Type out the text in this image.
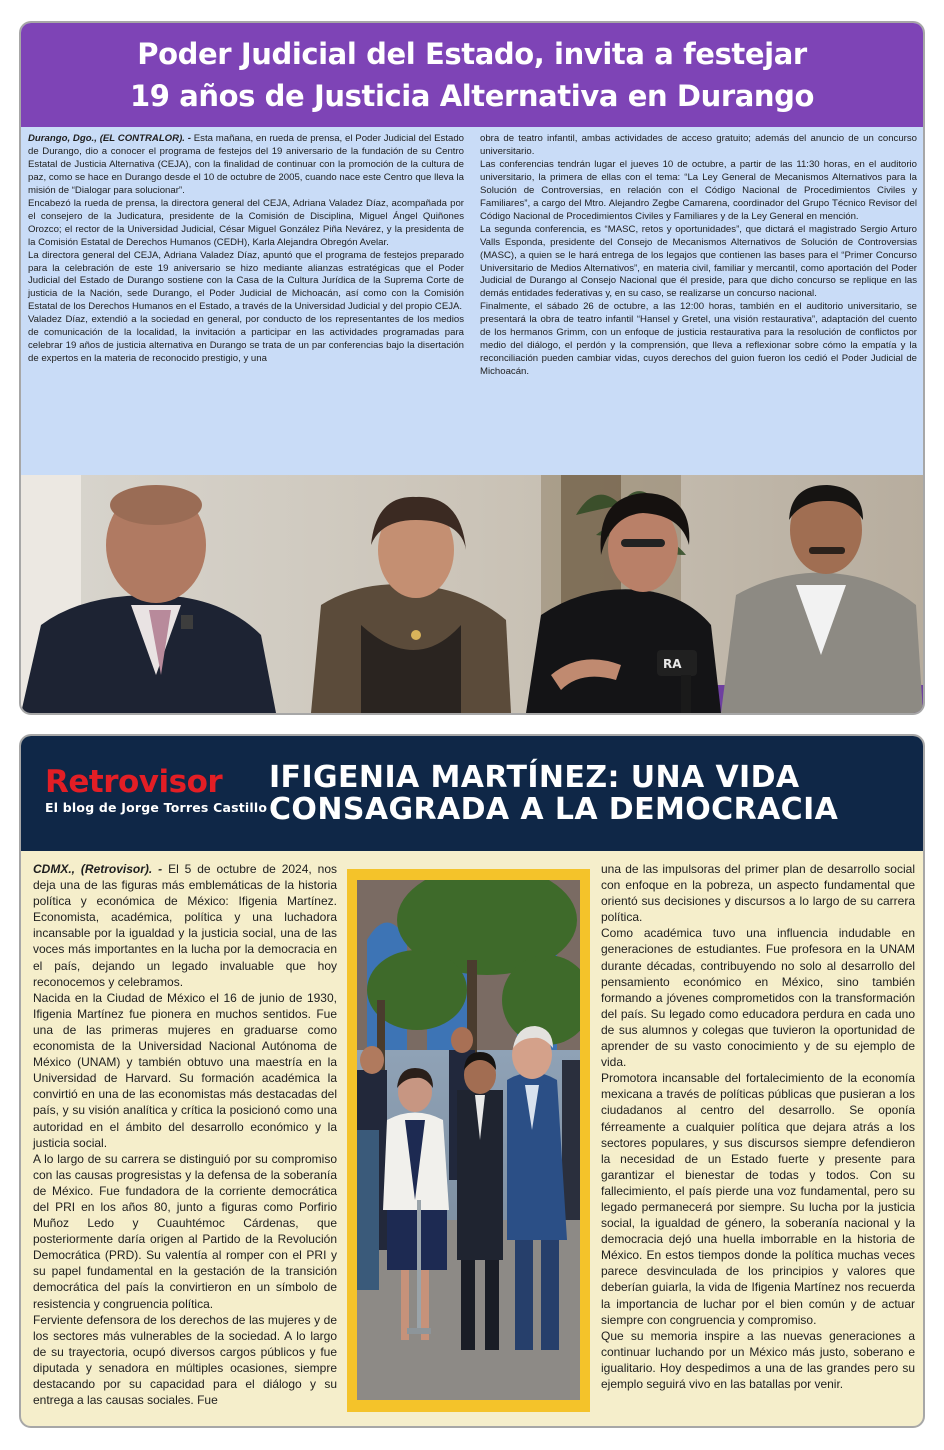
Poder Judicial del Estado, invita a festejar
19 años de Justicia Alternativa en Durango

Durango, Dgo., (EL CONTRALOR). - Esta mañana, en rueda de prensa, el Poder Judicial del Estado de Durango, dio a conocer el programa de festejos del 19 aniversario de la fundación de su Centro Estatal de Justicia Alternativa (CEJA), con la finalidad de continuar con la promoción de la cultura de paz, como se hace en Durango desde el 10 de octubre de 2005, cuando nace este Centro que lleva la misión de “Dialogar para solucionar”.

Encabezó la rueda de prensa, la directora general del CEJA, Adriana Valadez Díaz, acompañada por el consejero de la Judicatura, presidente de la Comisión de Disciplina, Miguel Ángel Quiñones Orozco; el rector de la Universidad Judicial, César Miguel González Piña Nevárez, y la presidenta de la Comisión Estatal de Derechos Humanos (CEDH), Karla Alejandra Obregón Avelar.

La directora general del CEJA, Adriana Valadez Díaz, apuntó que el programa de festejos preparado para la celebración de este 19 aniversario se hizo mediante alianzas estratégicas que el Poder Judicial del Estado de Durango sostiene con la Casa de la Cultura Jurídica de la Suprema Corte de justicia de la Nación, sede Durango, el Poder Judicial de Michoacán, así como con la Comisión Estatal de los Derechos Humanos en el Estado, a través de la Universidad Judicial y del propio CEJA.

Valadez Díaz, extendió a la sociedad en general, por conducto de los representantes de los medios de comunicación de la localidad, la invitación a participar en las actividades programadas para celebrar 19 años de justicia alternativa en Durango se trata de un par conferencias bajo la disertación de expertos en la materia de reconocido prestigio, y una

obra de teatro infantil, ambas actividades de acceso gratuito; además del anuncio de un concurso universitario.

Las conferencias tendrán lugar el jueves 10 de octubre, a partir de las 11:30 horas, en el auditorio universitario, la primera de ellas con el tema: “La Ley General de Mecanismos Alternativos para la Solución de Controversias, en relación con el Código Nacional de Procedimientos Civiles y Familiares”, a cargo del Mtro. Alejandro Zegbe Camarena, coordinador del Grupo Técnico Revisor del Código Nacional de Procedimientos Civiles y Familiares y de la Ley General en mención.

La segunda conferencia, es “MASC, retos y oportunidades”, que dictará el magistrado Sergio Arturo Valls Esponda, presidente del Consejo de Mecanismos Alternativos de Solución de Controversias (MASC), a quien se le hará entrega de los legajos que contienen las bases para el “Primer Concurso Universitario de Medios Alternativos”, en materia civil, familiar y mercantil, como aportación del Poder Judicial de Durango al Consejo Nacional que él preside, para que dicho concurso se replique en las demás entidades federativas y, en su caso, se realizarse un concurso nacional.

Finalmente, el sábado 26 de octubre, a las 12:00 horas, también en el auditorio universitario, se presentará la obra de teatro infantil “Hansel y Gretel, una visión restaurativa”, adaptación del cuento de los hermanos Grimm, con un enfoque de justicia restaurativa para la resolución de conflictos por medio del diálogo, el perdón y la comprensión, que lleva a reflexionar sobre cómo la empatía y la reconciliación pueden cambiar vidas, cuyos derechos del guion fueron los cedió el Poder Judicial de Michoacán.

RA
Retrovisor
El blog de Jorge Torres Castillo
IFIGENIA MARTÍNEZ: UNA VIDA
CONSAGRADA A LA DEMOCRACIA

CDMX., (Retrovisor). - El 5 de octubre de 2024, nos deja una de las figuras más emblemáticas de la historia política y económica de México: Ifigenia Martínez. Economista, académica, política y una luchadora incansable por la igualdad y la justicia social, una de las voces más importantes en la lucha por la democracia en el país, dejando un legado invaluable que hoy reconocemos y celebramos.

Nacida en la Ciudad de México el 16 de junio de 1930, Ifigenia Martínez fue pionera en muchos sentidos. Fue una de las primeras mujeres en graduarse como economista de la Universidad Nacional Autónoma de México (UNAM) y también obtuvo una maestría en la Universidad de Harvard. Su formación académica la convirtió en una de las economistas más destacadas del país, y su visión analítica y crítica la posicionó como una autoridad en el ámbito del desarrollo económico y la justicia social.

A lo largo de su carrera se distinguió por su compromiso con las causas progresistas y la defensa de la soberanía de México. Fue fundadora de la corriente democrática del PRI en los años 80, junto a figuras como Porfirio Muñoz Ledo y Cuauhtémoc Cárdenas, que posteriormente daría origen al Partido de la Revolución Democrática (PRD). Su valentía al romper con el PRI y su papel fundamental en la gestación de la transición democrática del país la convirtieron en un símbolo de resistencia y congruencia política.

Ferviente defensora de los derechos de las mujeres y de los sectores más vulnerables de la sociedad. A lo largo de su trayectoria, ocupó diversos cargos públicos y fue diputada y senadora en múltiples ocasiones, siempre destacando por su capacidad para el diálogo y su entrega a las causas sociales. Fue

una de las impulsoras del primer plan de desarrollo social con enfoque en la pobreza, un aspecto fundamental que orientó sus decisiones y discursos a lo largo de su carrera política.

Como académica tuvo una influencia indudable en generaciones de estudiantes. Fue profesora en la UNAM durante décadas, contribuyendo no solo al desarrollo del pensamiento económico en México, sino también formando a jóvenes comprometidos con la transformación del país. Su legado como educadora perdura en cada uno de sus alumnos y colegas que tuvieron la oportunidad de aprender de su vasto conocimiento y de su ejemplo de vida.

Promotora incansable del fortalecimiento de la economía mexicana a través de políticas públicas que pusieran a los ciudadanos al centro del desarrollo. Se oponía férreamente a cualquier política que dejara atrás a los sectores populares, y sus discursos siempre defendieron la necesidad de un Estado fuerte y presente para garantizar el bienestar de todas y todos. Con su fallecimiento, el país pierde una voz fundamental, pero su legado permanecerá por siempre. Su lucha por la justicia social, la igualdad de género, la soberanía nacional y la democracia dejó una huella imborrable en la historia de México. En estos tiempos donde la política muchas veces parece desvinculada de los principios y valores que deberían guiarla, la vida de Ifigenia Martínez nos recuerda la importancia de luchar por el bien común y de actuar siempre con congruencia y compromiso.

Que su memoria inspire a las nuevas generaciones a continuar luchando por un México más justo, soberano e igualitario. Hoy despedimos a una de las grandes pero su ejemplo seguirá vivo en las batallas por venir.
